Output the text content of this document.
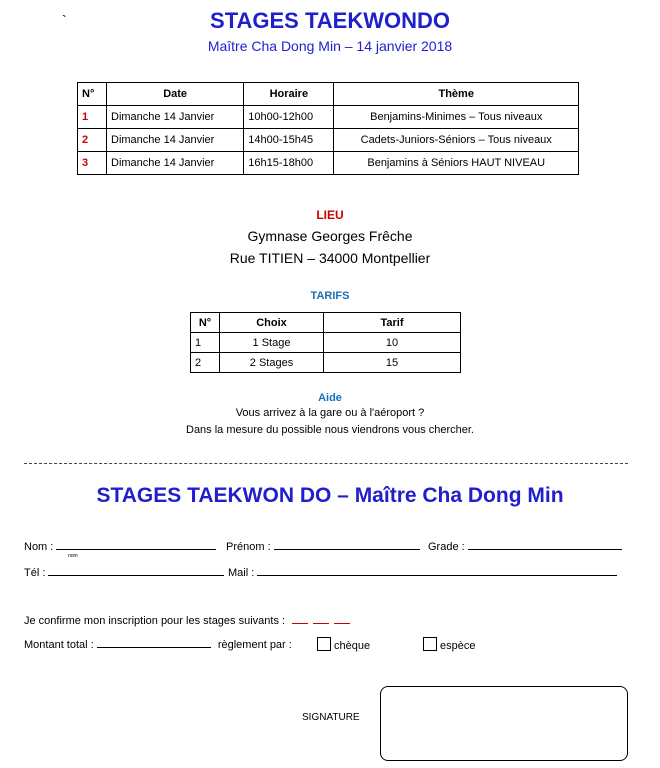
`	STAGES TAEKWONDO
Maître Cha Dong Min – 14 janvier 2018
N°	Date	Horaire	Thème
1	Dimanche 14 Janvier	10h00-12h00	Benjamins-Minimes – Tous niveaux
2	Dimanche 14 Janvier	14h00-15h45	Cadets-Juniors-Séniors – Tous niveaux
3	Dimanche 14 Janvier	16h15-18h00	Benjamins à Séniors HAUT NIVEAU
LIEU
Gymnase Georges Frêche
Rue TITIEN – 34000 Montpellier
TARIFS
N°	Choix	Tarif
1	1 Stage	10
2	2 Stages	15
Aide
Vous arrivez à la gare ou à l'aéroport ?
Dans la mesure du possible nous viendrons vous chercher.
STAGES TAEKWON DO – Maître Cha Dong Min
Nom :
nom
Prénom :	Grade :
Tél :	Mail :
Je confirme mon inscription pour les stages suivants :
Montant total :	règlement par :	chèque	espèce
SIGNATURE
